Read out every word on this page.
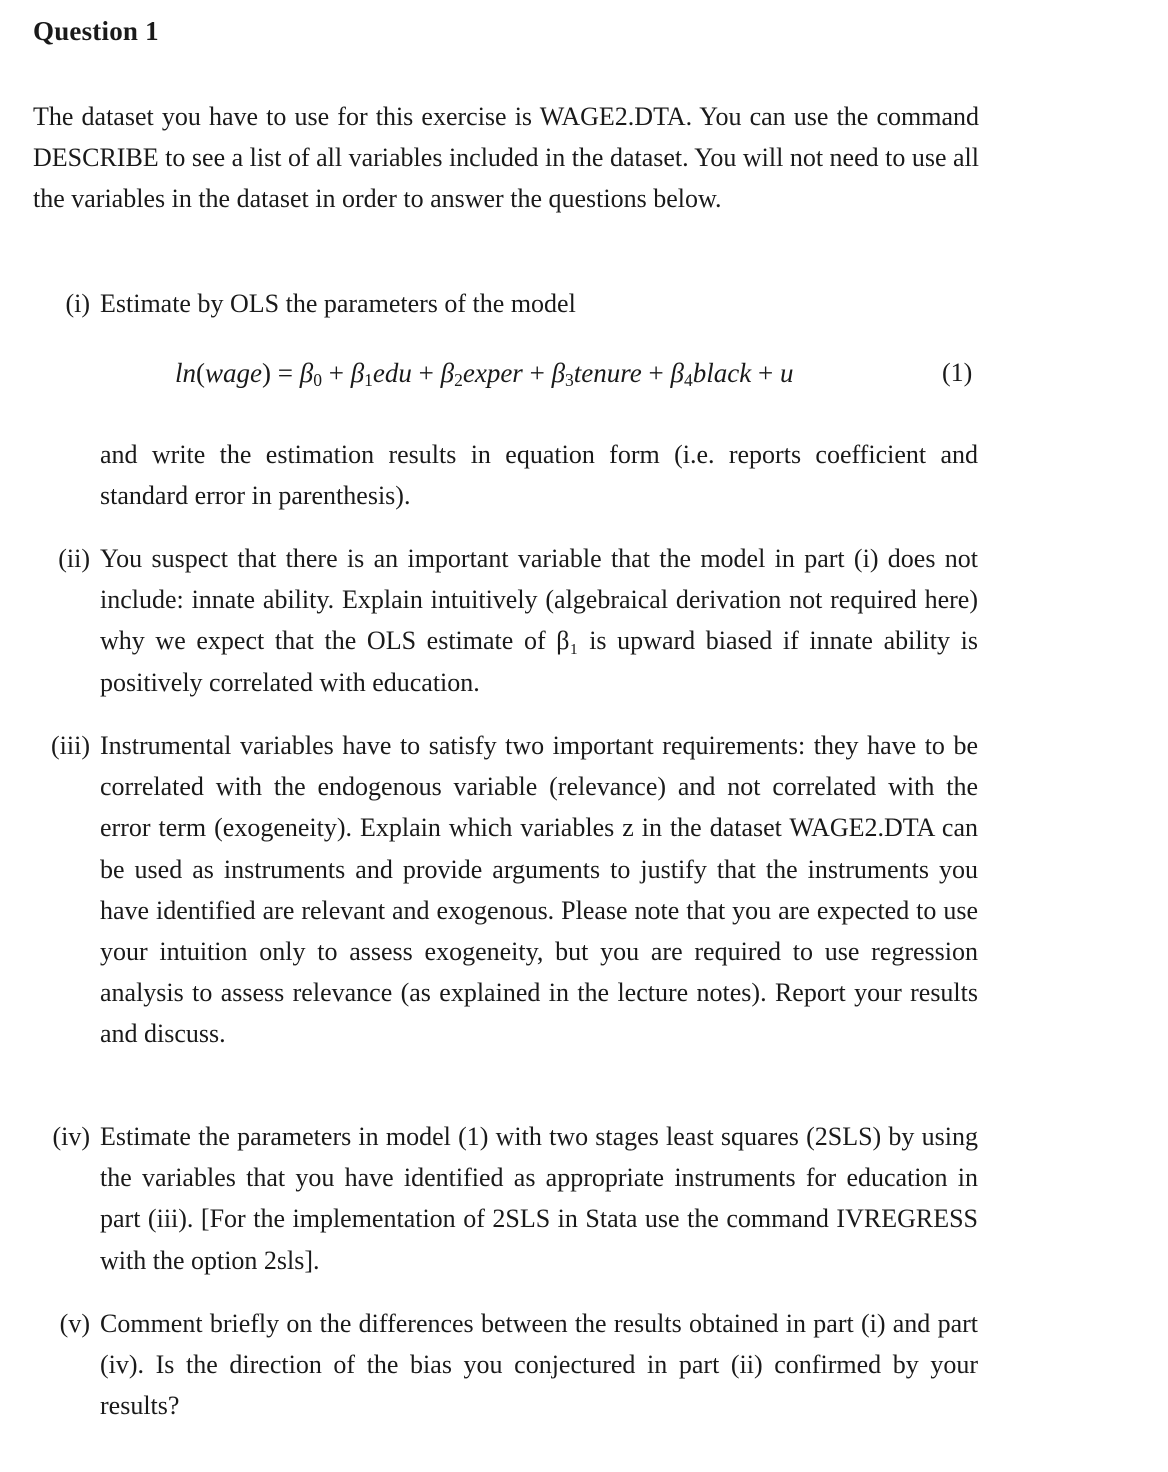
Question 1
The dataset you have to use for this exercise is WAGE2.DTA. You can use the command DESCRIBE to see a list of all variables included in the dataset. You will not need to use all the variables in the dataset in order to answer the questions below.
(i) Estimate by OLS the parameters of the model
ln(wage) = $\beta_0 + \beta_1edu$ + $\beta_2exper$ + $\beta_3tenure$ + $\beta_4black + u$
(	1 )
and write the estimation results in equation form (i.e. reports coefficient and standard error in parenthesis).
(ii) You suspect that there is an important variable that the model in part (i) does not include: innate ability. Explain intuitively (algebraical derivation not required here) why we expect that the OLS estimate of β₁ is upward biased if innate ability is positively correlated with education.
(iii) Instrumental variables have to satisfy two important requirements: they have to be correlated with the endogenous variable (relevance) and not correlated with the error term (exogeneity). Explain which variables z in the dataset WAGE2.DTA can be used as instruments and provide arguments to justify that the instruments you have identified are relevant and exogenous. Please note that you are expected to use your intuition only to assess exogeneity, but you are required to use regression analysis to assess relevance (as explained in the lecture notes). Report your results and discuss.
(iv) Estimate the parameters in model (1) with two stages least squares (2SLS) by using the variables that you have identified as appropriate instruments for education in part (iii). [For the implementation of 2SLS in Stata use the command IVREGRESS with the option 2sls].
(v) Comment briefly on the differences between the results obtained in part (i) and part (iv). Is the direction of the bias you conjectured in part (ii) confirmed by your results?
